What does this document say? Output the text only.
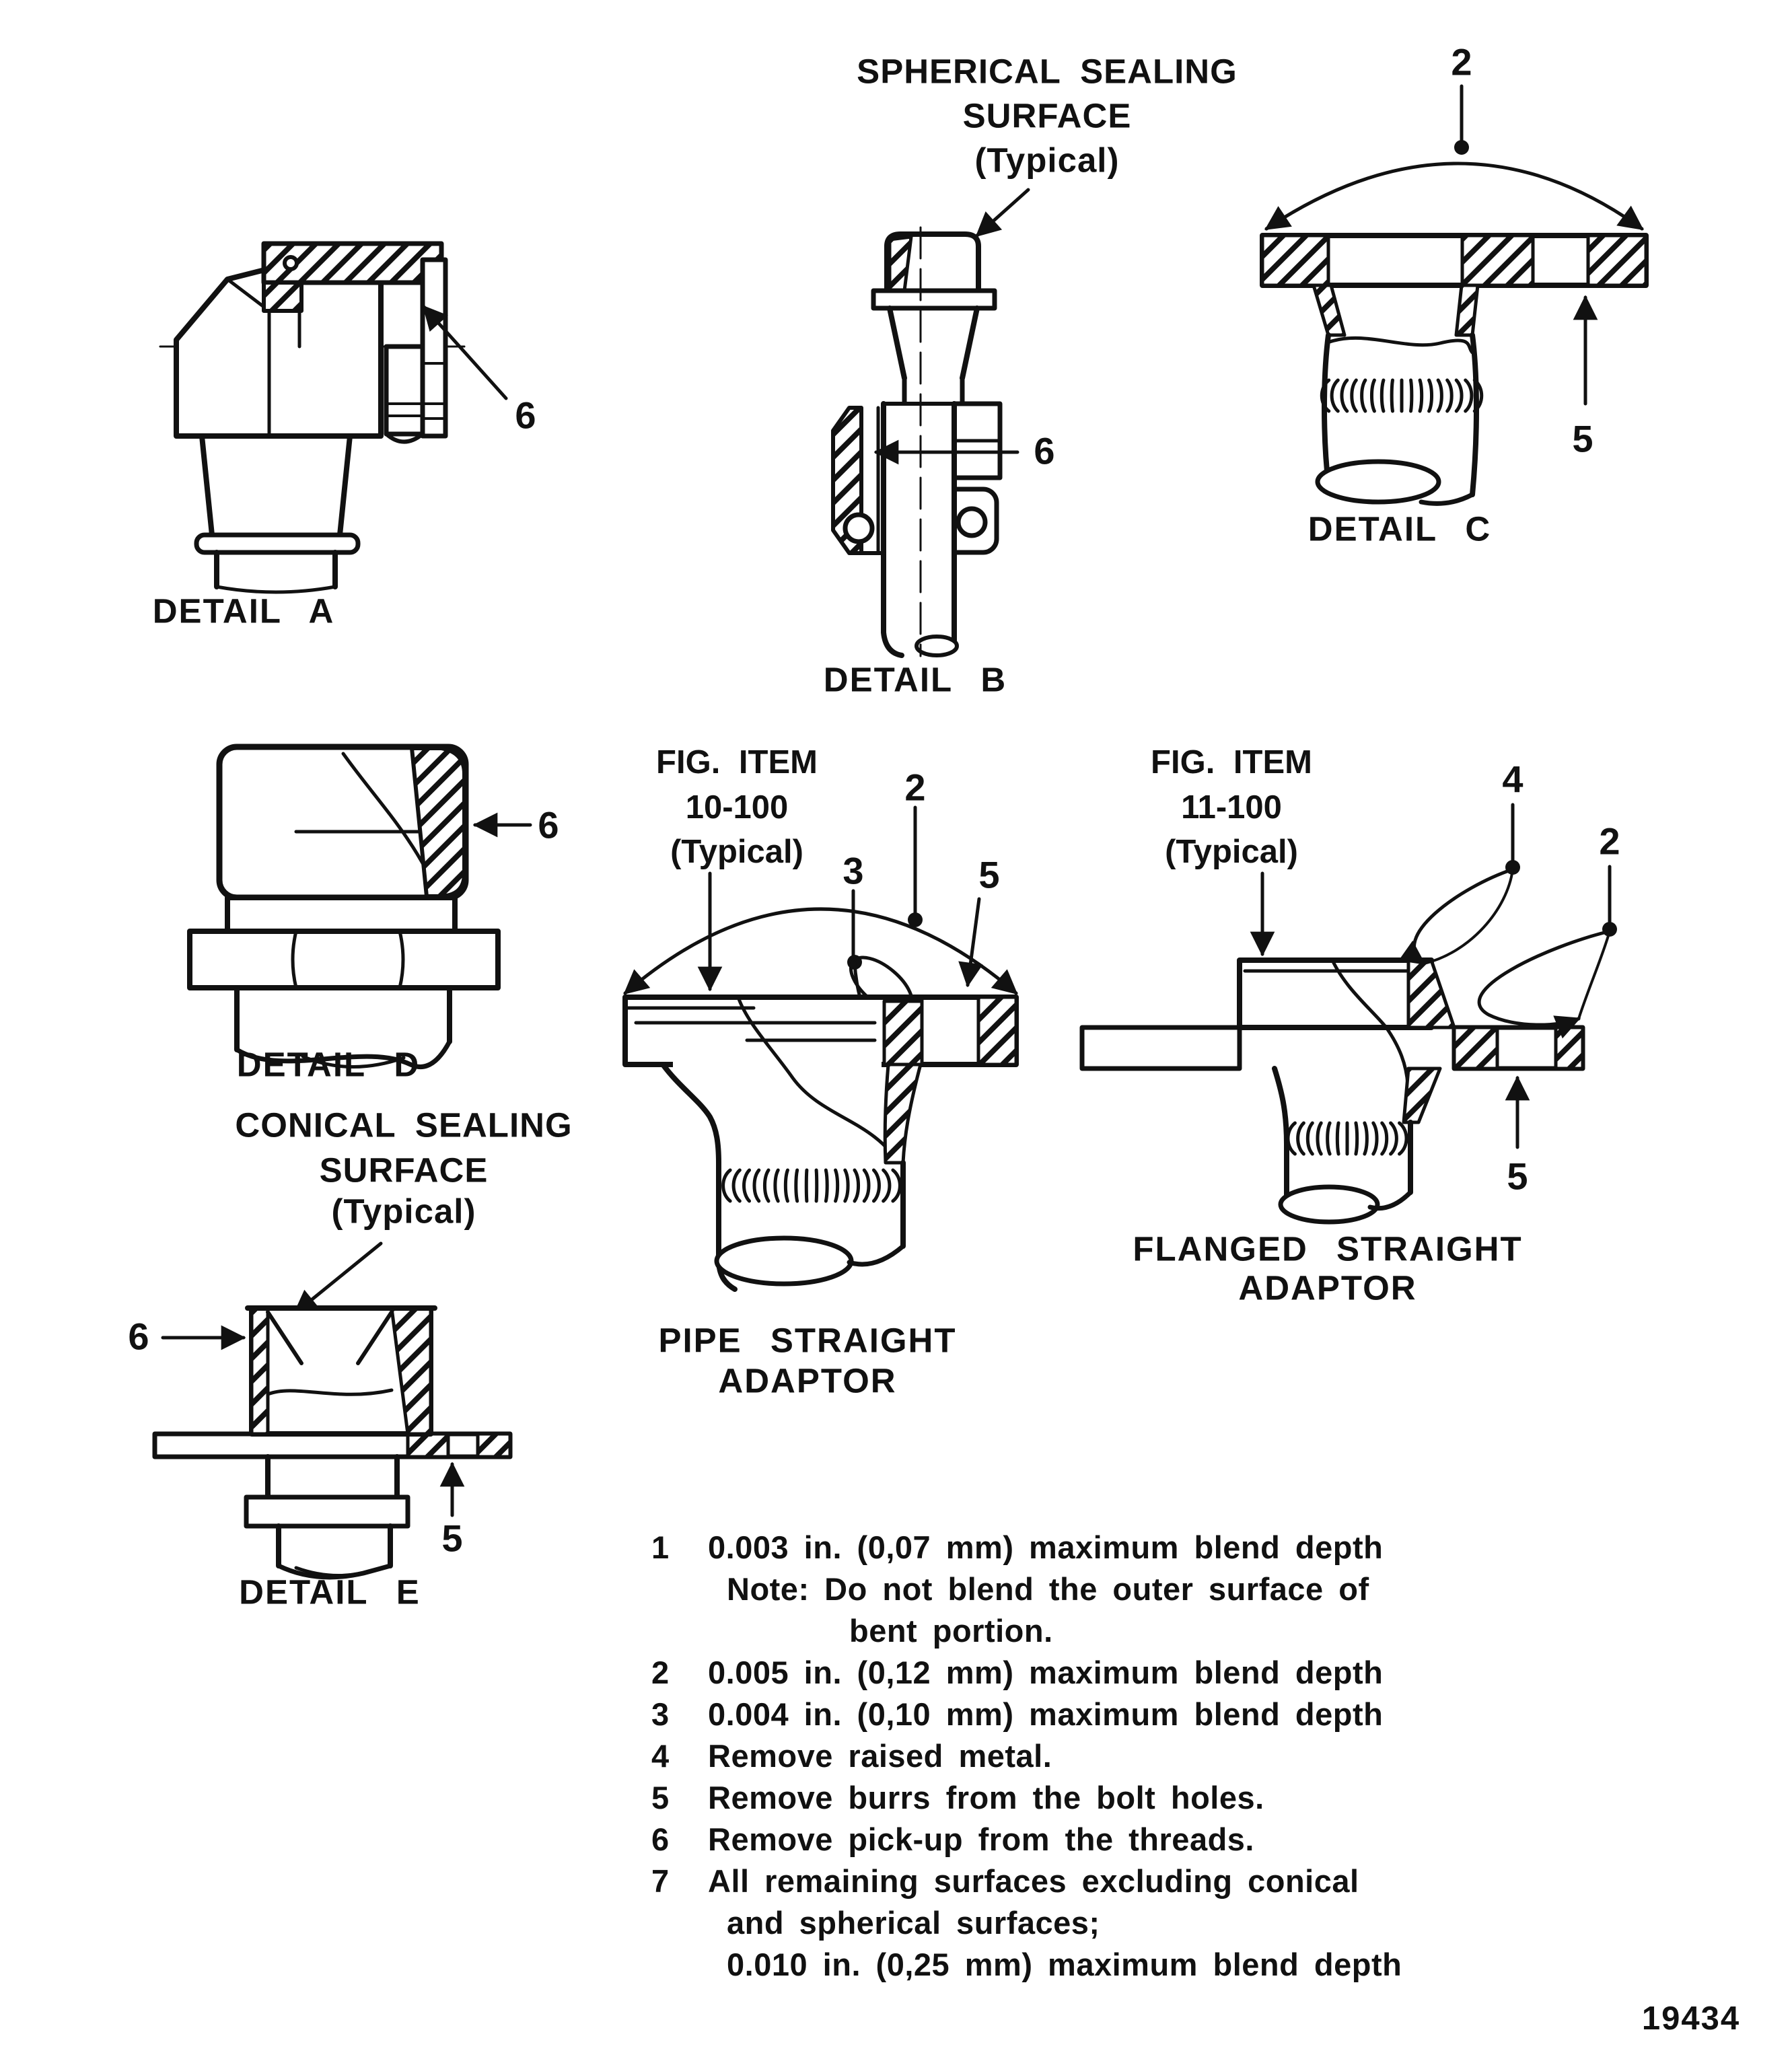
SPHERICAL SEALING
SURFACE
(Typical)
2
5
DETAIL C
6
DETAIL A
6
DETAIL B
6
DETAIL D
FIG. ITEM
10-100
(Typical)
2
3	5
PIPE STRAIGHT
ADAPTOR
FIG. ITEM
11-100
(Typical)
4
2
5
FLANGED STRAIGHT
ADAPTOR
CONICAL SEALING
SURFACE
(Typical)
6
5
DETAIL E
1 0.003 in. (0,07 mm) maximum blend depth
Note: Do not blend the outer surface of
bent portion.
2 0.005 in. (0,12 mm) maximum blend depth
3 0.004 in. (0,10 mm) maximum blend depth
4 Remove raised metal.
5 Remove burrs from the bolt holes.
6 Remove pick-up from the threads.
7 All remaining surfaces excluding conical
and spherical surfaces;
0.010 in. (0,25 mm) maximum blend depth
19434
